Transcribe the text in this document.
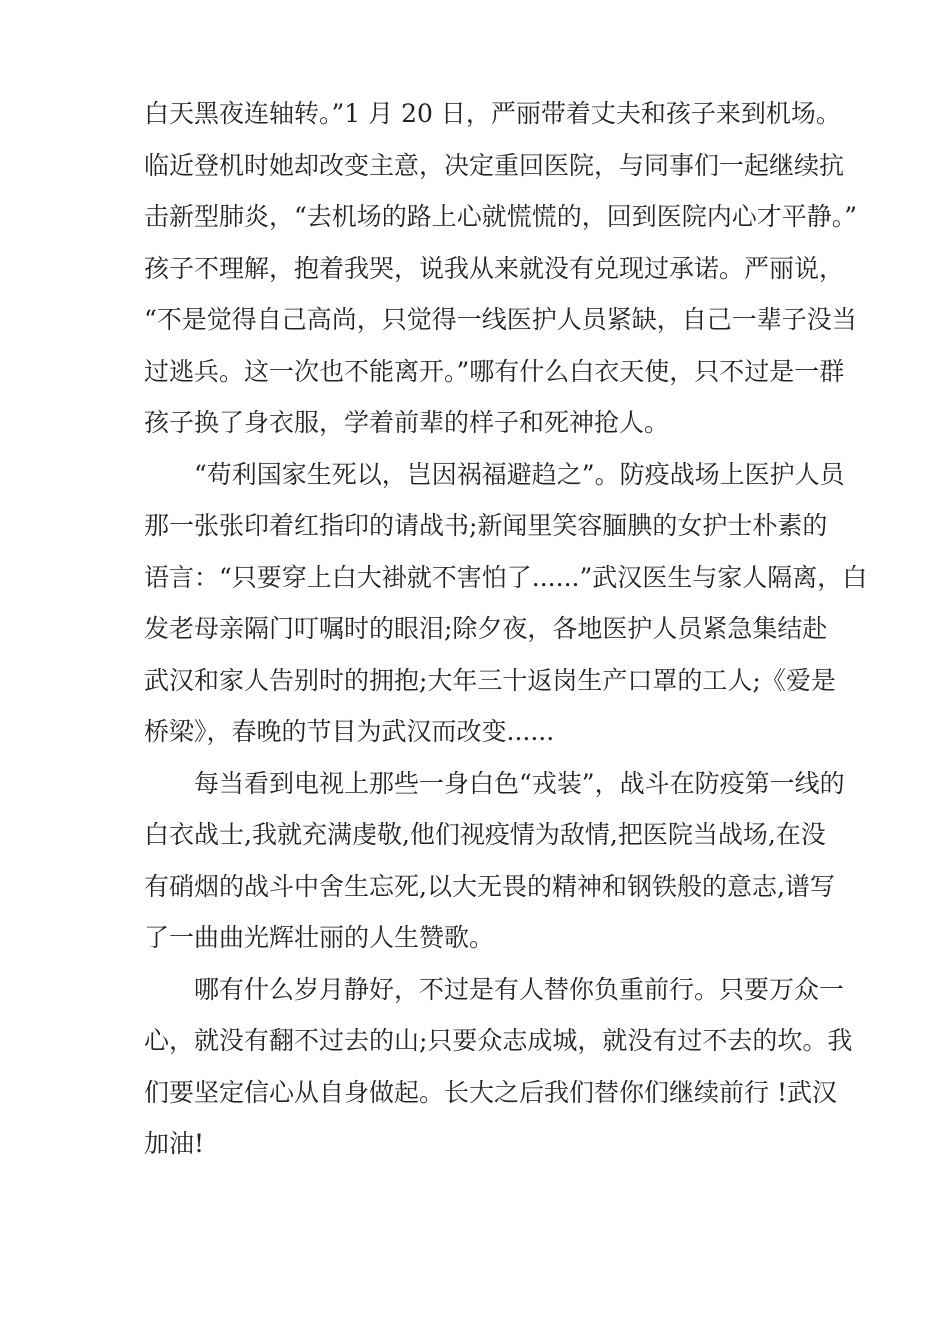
白天黑夜连轴转。”1 月 20 日，严丽带着丈夫和孩子来到机场。
临近登机时她却改变主意，决定重回医院，与同事们一起继续抗
击新型肺炎，“去机场的路上心就慌慌的，回到医院内心才平静。”
孩子不理解，抱着我哭，说我从来就没有兑现过承诺。严丽说，
“不是觉得自己高尚，只觉得一线医护人员紧缺，自己一辈子没当
过逃兵。这一次也不能离开。”哪有什么白衣天使，只不过是一群
孩子换了身衣服，学着前辈的样子和死神抢人。

“苟利国家生死以，岂因祸福避趋之”。防疫战场上医护人员
那一张张印着红指印的请战书;新闻里笑容腼腆的女护士朴素的
语言：“只要穿上白大褂就不害怕了......”武汉医生与家人隔离，白
发老母亲隔门叮嘱时的眼泪;除夕夜，各地医护人员紧急集结赴
武汉和家人告别时的拥抱;大年三十返岗生产口罩的工人;《爱是
桥梁》，春晚的节目为武汉而改变......

每当看到电视上那些一身白色“戎装”，战斗在防疫第一线的
白衣战士,我就充满虔敬,他们视疫情为敌情,把医院当战场,在没
有硝烟的战斗中舍生忘死,以大无畏的精神和钢铁般的意志,谱写
了一曲曲光辉壮丽的人生赞歌。

哪有什么岁月静好，不过是有人替你负重前行。只要万众一
心，就没有翻不过去的山;只要众志成城，就没有过不去的坎。我
们要坚定信心从自身做起。长大之后我们替你们继续前行 !武汉
加油!
